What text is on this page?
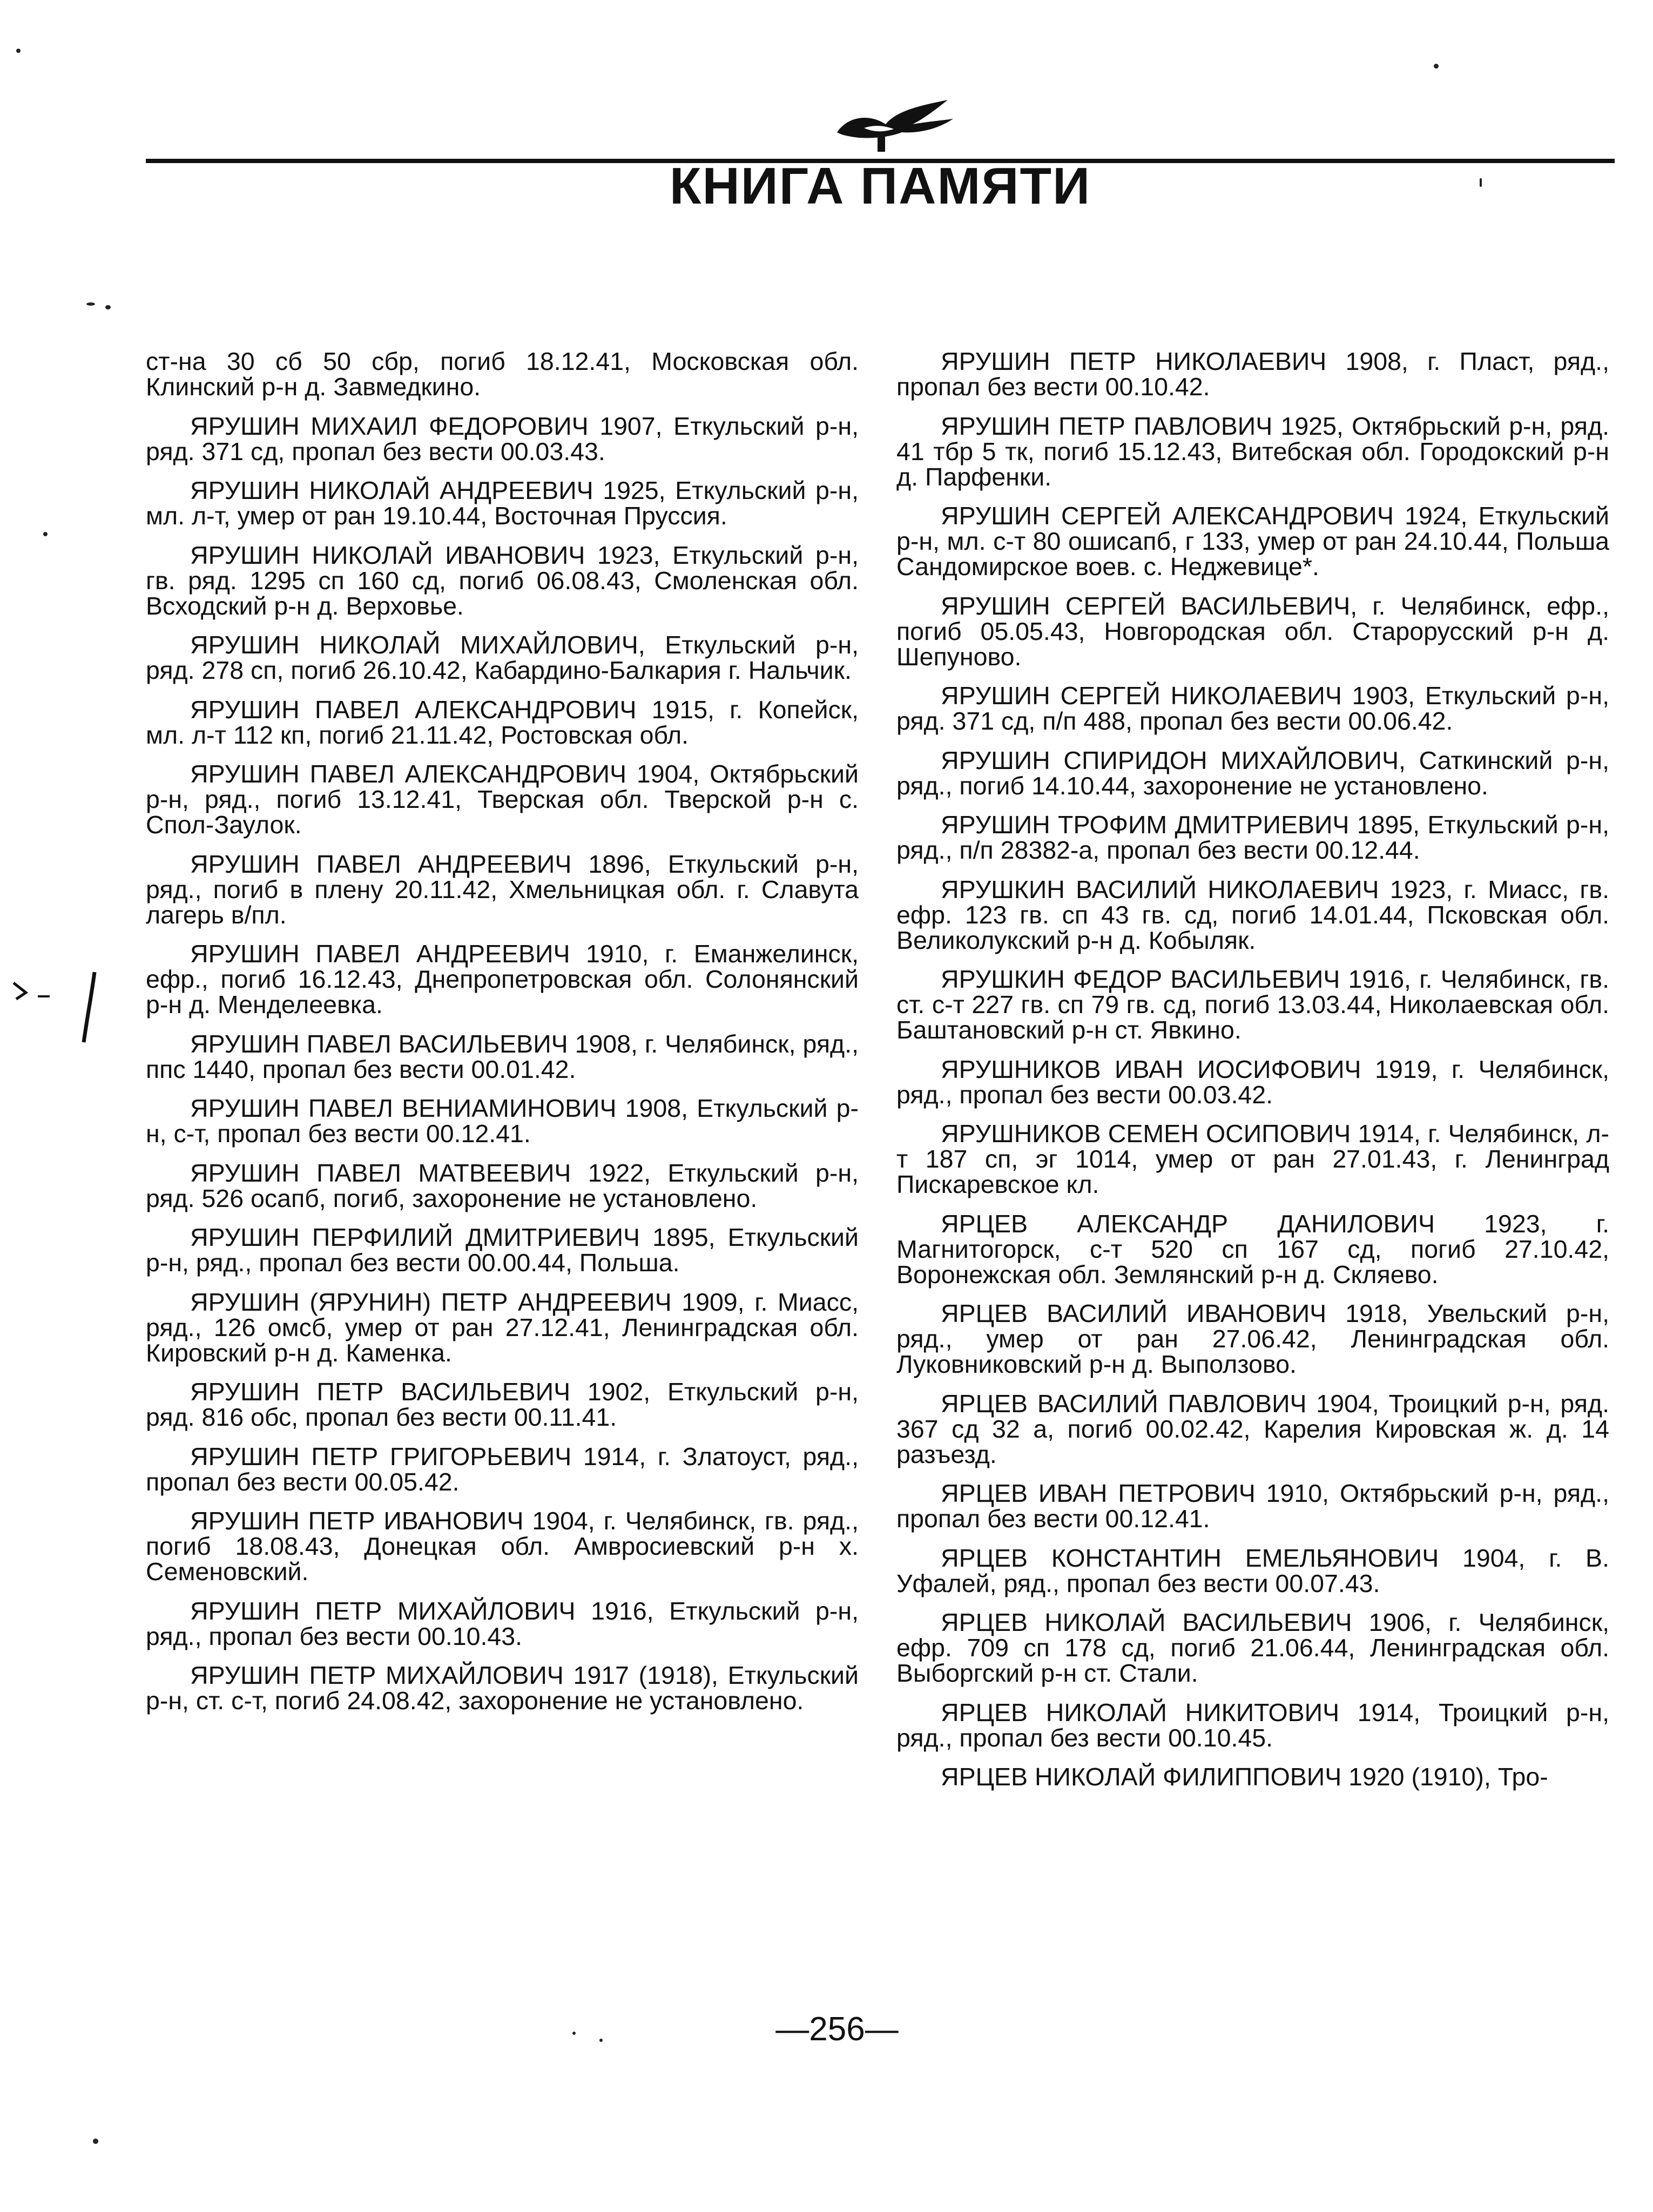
КНИГА ПАМЯТИ

ст-на 30 сб 50 сбр, погиб 18.12.41, Московская обл. Клинский р-н д. Завмедкино.

ЯРУШИН МИХАИЛ ФЕДОРОВИЧ 1907, Еткульский р-н, ряд. 371 сд, пропал без вести 00.03.43.

ЯРУШИН НИКОЛАЙ АНДРЕЕВИЧ 1925, Еткульский р-н, мл. л-т, умер от ран 19.10.44, Восточная Пруссия.

ЯРУШИН НИКОЛАЙ ИВАНОВИЧ 1923, Еткульский р-н, гв. ряд. 1295 сп 160 сд, погиб 06.08.43, Смоленская обл. Всходский р-н д. Верховье.

ЯРУШИН НИКОЛАЙ МИХАЙЛОВИЧ, Еткульский р-н, ряд. 278 сп, погиб 26.10.42, Кабардино-Балкария г. Нальчик.

ЯРУШИН ПАВЕЛ АЛЕКСАНДРОВИЧ 1915, г. Копейск, мл. л-т 112 кп, погиб 21.11.42, Ростовская обл.

ЯРУШИН ПАВЕЛ АЛЕКСАНДРОВИЧ 1904, Октябрьский р-н, ряд., погиб 13.12.41, Тверская обл. Тверской р-н с. Спол-Заулок.

ЯРУШИН ПАВЕЛ АНДРЕЕВИЧ 1896, Еткульский р-н, ряд., погиб в плену 20.11.42, Хмельницкая обл. г. Славута лагерь в/пл.

ЯРУШИН ПАВЕЛ АНДРЕЕВИЧ 1910, г. Еманжелинск, ефр., погиб 16.12.43, Днепропетровская обл. Солонянский р-н д. Менделеевка.

ЯРУШИН ПАВЕЛ ВАСИЛЬЕВИЧ 1908, г. Челябинск, ряд., ппс 1440, пропал без вести 00.01.42.

ЯРУШИН ПАВЕЛ ВЕНИАМИНОВИЧ 1908, Еткульский р-н, с-т, пропал без вести 00.12.41.

ЯРУШИН ПАВЕЛ МАТВЕЕВИЧ 1922, Еткульский р-н, ряд. 526 осапб, погиб, захоронение не установлено.

ЯРУШИН ПЕРФИЛИЙ ДМИТРИЕВИЧ 1895, Еткульский р-н, ряд., пропал без вести 00.00.44, Польша.

ЯРУШИН (ЯРУНИН) ПЕТР АНДРЕЕВИЧ 1909, г. Миасс, ряд., 126 омсб, умер от ран 27.12.41, Ленинградская обл. Кировский р-н д. Каменка.

ЯРУШИН ПЕТР ВАСИЛЬЕВИЧ 1902, Еткульский р-н, ряд. 816 обс, пропал без вести 00.11.41.

ЯРУШИН ПЕТР ГРИГОРЬЕВИЧ 1914, г. Златоуст, ряд., пропал без вести 00.05.42.

ЯРУШИН ПЕТР ИВАНОВИЧ 1904, г. Челябинск, гв. ряд., погиб 18.08.43, Донецкая обл. Амвросиевский р-н х. Семеновский.

ЯРУШИН ПЕТР МИХАЙЛОВИЧ 1916, Еткульский р-н, ряд., пропал без вести 00.10.43.

ЯРУШИН ПЕТР МИХАЙЛОВИЧ 1917 (1918), Еткульский р-н, ст. с-т, погиб 24.08.42, захоронение не установлено.

ЯРУШИН ПЕТР НИКОЛАЕВИЧ 1908, г. Пласт, ряд., пропал без вести 00.10.42.

ЯРУШИН ПЕТР ПАВЛОВИЧ 1925, Октябрьский р-н, ряд. 41 тбр 5 тк, погиб 15.12.43, Витебская обл. Городокский р-н д. Парфенки.

ЯРУШИН СЕРГЕЙ АЛЕКСАНДРОВИЧ 1924, Еткульский р-н, мл. с-т 80 ошисапб, г 133, умер от ран 24.10.44, Польша Сандомирское воев. с. Неджевице*.

ЯРУШИН СЕРГЕЙ ВАСИЛЬЕВИЧ, г. Челябинск, ефр., погиб 05.05.43, Новгородская обл. Старорусский р-н д. Шепуново.

ЯРУШИН СЕРГЕЙ НИКОЛАЕВИЧ 1903, Еткульский р-н, ряд. 371 сд, п/п 488, пропал без вести 00.06.42.

ЯРУШИН СПИРИДОН МИХАЙЛОВИЧ, Саткинский р-н, ряд., погиб 14.10.44, захоронение не установлено.

ЯРУШИН ТРОФИМ ДМИТРИЕВИЧ 1895, Еткульский р-н, ряд., п/п 28382-а, пропал без вести 00.12.44.

ЯРУШКИН ВАСИЛИЙ НИКОЛАЕВИЧ 1923, г. Миасс, гв. ефр. 123 гв. сп 43 гв. сд, погиб 14.01.44, Псковская обл. Великолукский р-н д. Кобыляк.

ЯРУШКИН ФЕДОР ВАСИЛЬЕВИЧ 1916, г. Челябинск, гв. ст. с-т 227 гв. сп 79 гв. сд, погиб 13.03.44, Николаевская обл. Баштановский р-н ст. Явкино.

ЯРУШНИКОВ ИВАН ИОСИФОВИЧ 1919, г. Челябинск, ряд., пропал без вести 00.03.42.

ЯРУШНИКОВ СЕМЕН ОСИПОВИЧ 1914, г. Челябинск, л-т 187 сп, эг 1014, умер от ран 27.01.43, г. Ленинград Пискаревское кл.

ЯРЦЕВ АЛЕКСАНДР ДАНИЛОВИЧ 1923, г. Магнитогорск, с-т 520 сп 167 сд, погиб 27.10.42, Воронежская обл. Землянский р-н д. Скляево.

ЯРЦЕВ ВАСИЛИЙ ИВАНОВИЧ 1918, Увельский р-н, ряд., умер от ран 27.06.42, Ленинградская обл. Луковниковский р-н д. Выползово.

ЯРЦЕВ ВАСИЛИЙ ПАВЛОВИЧ 1904, Троицкий р-н, ряд. 367 сд 32 а, погиб 00.02.42, Карелия Кировская ж. д. 14 разъезд.

ЯРЦЕВ ИВАН ПЕТРОВИЧ 1910, Октябрьский р-н, ряд., пропал без вести 00.12.41.

ЯРЦЕВ КОНСТАНТИН ЕМЕЛЬЯНОВИЧ 1904, г. В. Уфалей, ряд., пропал без вести 00.07.43.

ЯРЦЕВ НИКОЛАЙ ВАСИЛЬЕВИЧ 1906, г. Челябинск, ефр. 709 сп 178 сд, погиб 21.06.44, Ленинградская обл. Выборгский р-н ст. Стали.

ЯРЦЕВ НИКОЛАЙ НИКИТОВИЧ 1914, Троицкий р-н, ряд., пропал без вести 00.10.45.

ЯРЦЕВ НИКОЛАЙ ФИЛИППОВИЧ 1920 (1910), Тро-

—256—
